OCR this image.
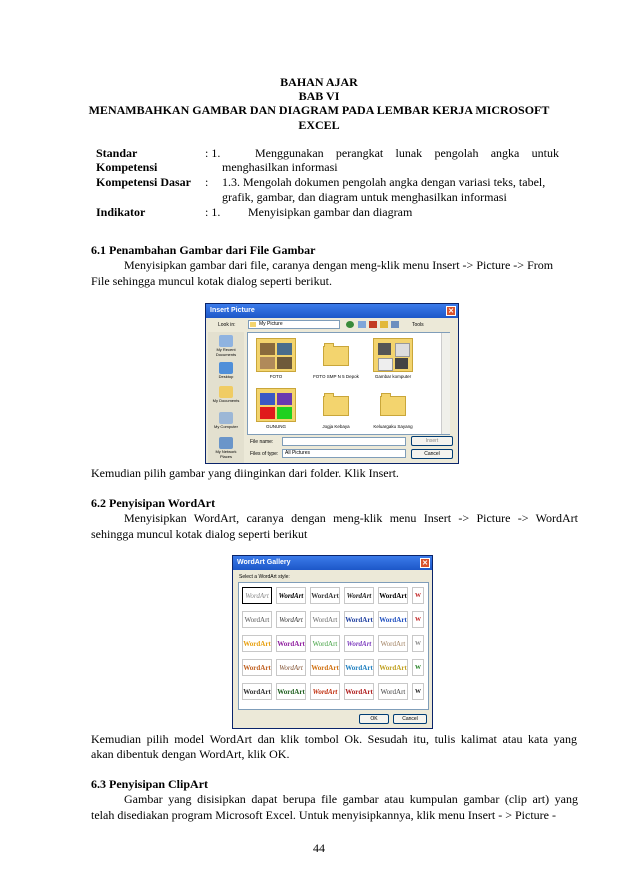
BAHAN AJAR
BAB VI
MENAMBAHKAN GAMBAR DAN DIAGRAM PADA LEMBAR KERJA MICROSOFT
EXCEL
Standar
Kompetensi
: 1.	Menggunakan perangkat lunak pengolah angka untuk
menghasilkan informasi
Kompetensi Dasar : 1.3. Mengolah dokumen pengolah angka dengan variasi teks, tabel,
grafik, gambar, dan diagram untuk menghasilkan informasi
Indikator	: 1. Menyisipkan gambar dan diagram
6.1 Penambahan Gambar dari File Gambar
Menyisipkan gambar dari file, caranya dengan meng-klik menu Insert -> Picture -> From
File sehingga muncul kotak dialog seperti berikut.
Insert Picture	✕
Look in:	My Picture	Tools
My Recent Documents
Desktop
My Documents
My Computer
My Network Places
FOTO	FOTO SMP N 5 Depok	Gambar komputer
GUNUNG	Jogja Kebaya	Keluargaku Sayang
File name:
Files of type:	All Pictures
Insert
Cancel
Kemudian pilih gambar yang diinginkan dari folder. Klik Insert.
6.2 Penyisipan WordArt
Menyisipkan WordArt, caranya dengan meng-klik menu Insert -> Picture -> WordArt
sehingga muncul kotak dialog seperti berikut
WordArt Gallery	✕
Select a WordArt style:
WordArt	WordArt	WordArt	WordArt	WordArt	W
WordArt	WordArt	WordArt	WordArt WordArt	W
WordArt WordArt	WordArt	WordArt	WordArt	W
WordArt	WordArt	WordArt WordArt WordArt	W
WordArt WordArt	WordArt	WordArt	WordArt	W
OK	Cancel
Kemudian pilih model WordArt dan klik tombol Ok. Sesudah itu, tulis kalimat atau kata yang
akan dibentuk dengan WordArt, klik OK.
6.3 Penyisipan ClipArt
Gambar yang disisipkan dapat berupa file gambar atau kumpulan gambar (clip art) yang
telah disediakan program Microsoft Excel. Untuk menyisipkannya, klik menu Insert - > Picture -
44
